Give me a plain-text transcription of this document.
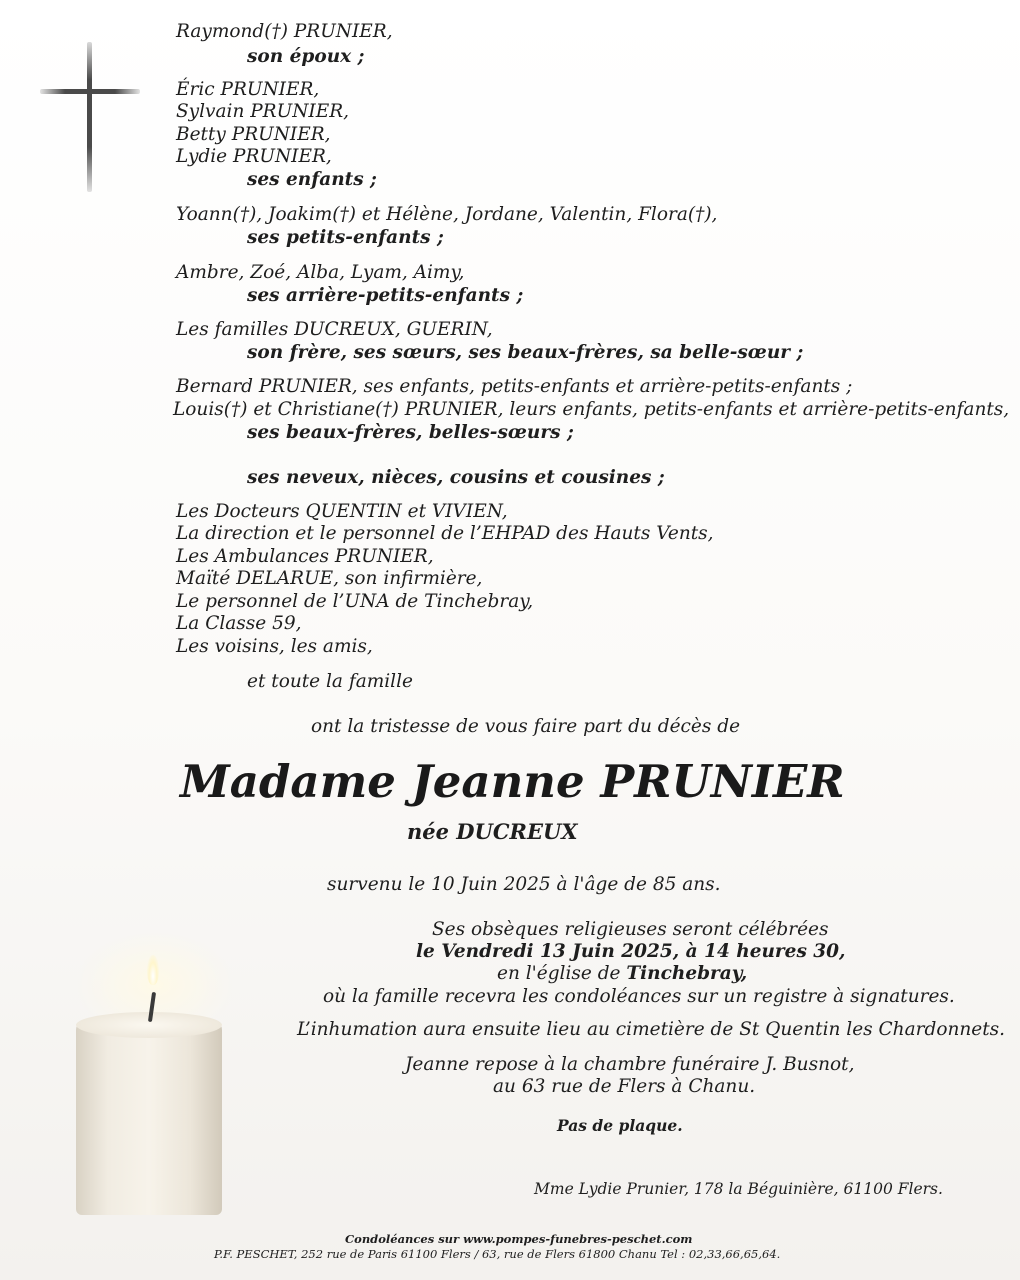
Raymond(†) PRUNIER,
son époux ;
Éric PRUNIER,
Sylvain PRUNIER,
Betty PRUNIER,
Lydie PRUNIER,
ses enfants ;
Yoann(†), Joakim(†) et Hélène, Jordane, Valentin, Flora(†),
ses petits-enfants ;
Ambre, Zoé, Alba, Lyam, Aimy,
ses arrière-petits-enfants ;
Les familles DUCREUX, GUERIN,
son frère, ses sœurs, ses beaux-frères, sa belle-sœur ;
Bernard PRUNIER, ses enfants, petits-enfants et arrière-petits-enfants ;
Louis(†) et Christiane(†) PRUNIER, leurs enfants, petits-enfants et arrière-petits-enfants,
ses beaux-frères, belles-sœurs ;
ses neveux, nièces, cousins et cousines ;
Les Docteurs QUENTIN et VIVIEN,
La direction et le personnel de l’EHPAD des Hauts Vents,
Les Ambulances PRUNIER,
Maïté DELARUE, son infirmière,
Le personnel de l’UNA de Tinchebray,
La Classe 59,
Les voisins, les amis,
et toute la famille
ont la tristesse de vous faire part du décès de
Madame Jeanne PRUNIER
née DUCREUX
survenu le 10 Juin 2025 à l'âge de 85 ans.
Ses obsèques religieuses seront célébrées
le Vendredi 13 Juin 2025, à 14 heures 30,
en l'église de Tinchebray,
où la famille recevra les condoléances sur un registre à signatures.
L’inhumation aura ensuite lieu au cimetière de St Quentin les Chardonnets.
Jeanne repose à la chambre funéraire J. Busnot,
au 63 rue de Flers à Chanu.
Pas de plaque.
Mme Lydie Prunier, 178 la Béguinière, 61100 Flers.
Condoléances sur www.pompes-funebres-peschet.com
P.F. PESCHET, 252 rue de Paris 61100 Flers / 63, rue de Flers 61800 Chanu Tel : 02,33,66,65,64.
